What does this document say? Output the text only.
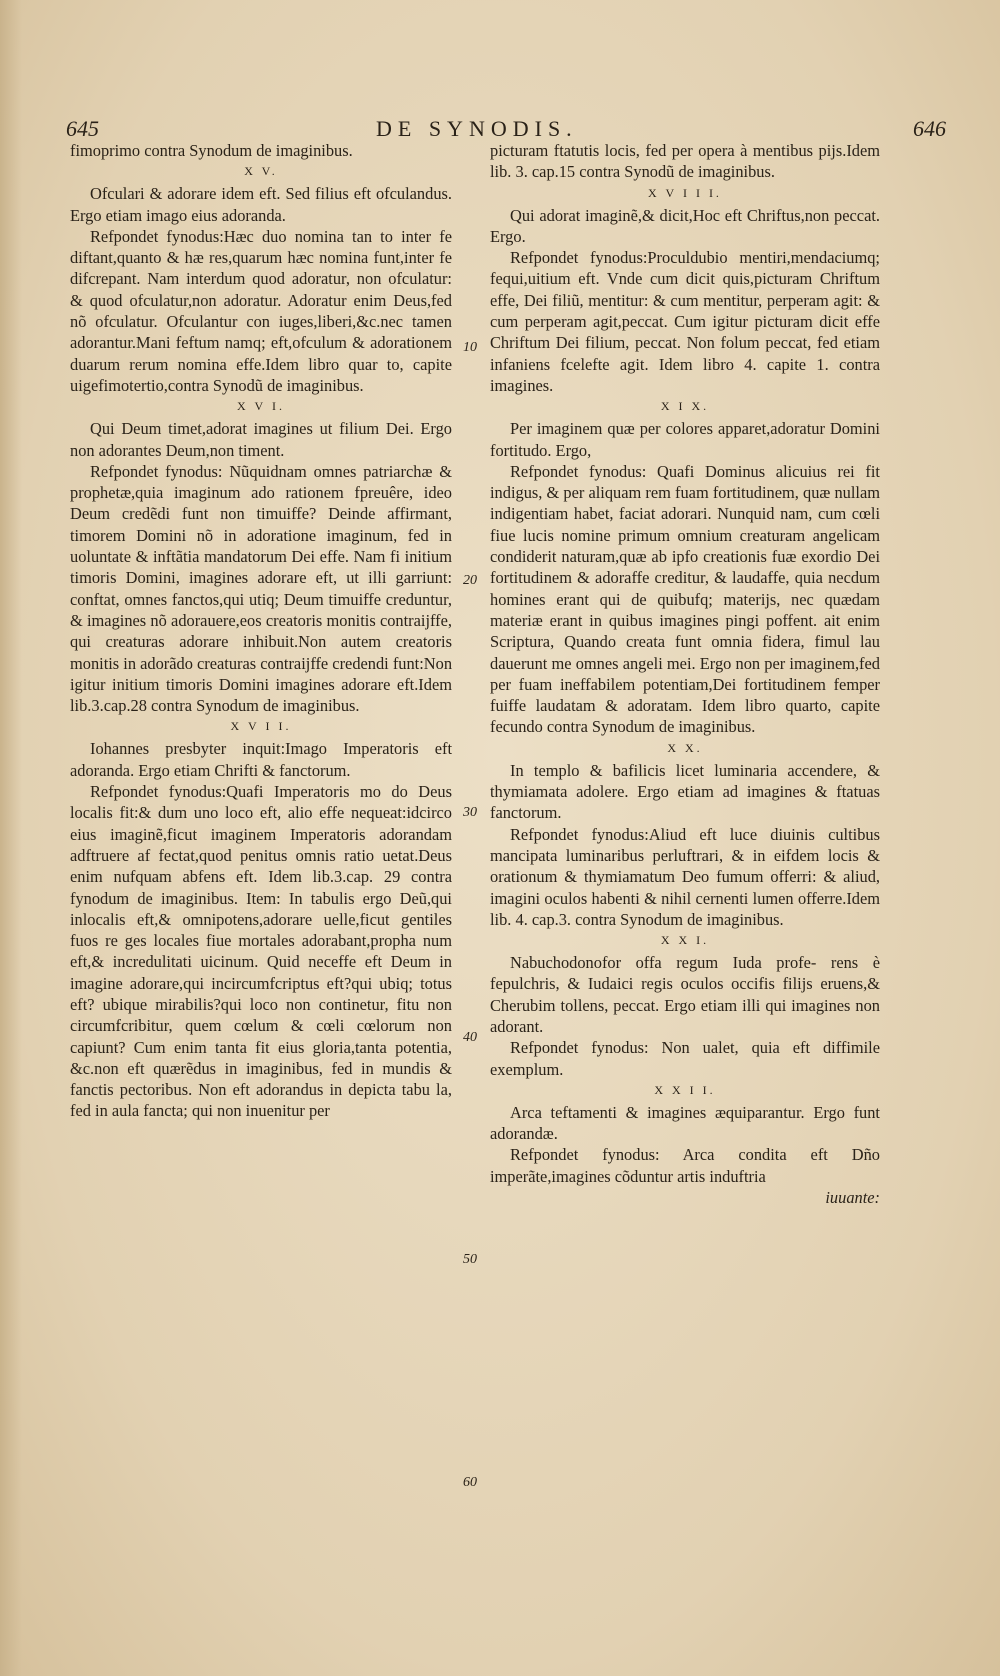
645	DE SYNODIS.	646

fimoprimo contra Synodum de imaginibus.

X V.

Ofculari & adorare idem eft. Sed filius eft ofculandus. Ergo etiam imago eius adoranda.

Refpondet fynodus:Hæc duo nomina tan to inter fe diftant,quanto & hæ res,quarum hæc nomina funt,inter fe difcrepant. Nam interdum quod adoratur, non ofculatur: & quod ofculatur,non adoratur. Adoratur enim Deus,fed nõ ofculatur. Ofculantur con iuges,liberi,&c.nec tamen adorantur.Mani feftum namq; eft,ofculum & adorationem duarum rerum nomina effe.Idem libro quar to, capite uigefimotertio,contra Synodũ de imaginibus.

X V I.

Qui Deum timet,adorat imagines ut filium Dei. Ergo non adorantes Deum,non timent.

Refpondet fynodus: Nũquidnam omnes patriarchæ & prophetæ,quia imaginum ado rationem fpreuêre, ideo Deum credẽdi funt non timuiffe? Deinde affirmant, timorem Domini nõ in adoratione imaginum, fed in uoluntate & inftãtia mandatorum Dei effe. Nam fi initium timoris Domini, imagines adorare eft, ut illi garriunt: conftat, omnes fanctos,qui utiq; Deum timuiffe creduntur, & imagines nõ adorauere,eos creatoris monitis contraijffe, qui creaturas adorare inhibuit.Non autem creatoris monitis in adorãdo creaturas contraijffe credendi funt:Non igitur initium timoris Domini imagines adorare eft.Idem lib.3.cap.28 contra Synodum de imaginibus.

X V I I.

Iohannes presbyter inquit:Imago Imperatoris eft adoranda. Ergo etiam Chrifti & fanctorum.

Refpondet fynodus:Quafi Imperatoris mo do Deus localis fit:& dum uno loco eft, alio effe nequeat:idcirco eius imaginẽ,ficut imaginem Imperatoris adorandam adftruere af fectat,quod penitus omnis ratio uetat.Deus enim nufquam abfens eft. Idem lib.3.cap. 29 contra fynodum de imaginibus. Item: In tabulis ergo Deũ,qui inlocalis eft,& omnipotens,adorare uelle,ficut gentiles fuos re ges locales fiue mortales adorabant,propha num eft,& incredulitati uicinum. Quid neceffe eft Deum in imagine adorare,qui incircumfcriptus eft?qui ubiq; totus eft? ubique mirabilis?qui loco non continetur, fitu non circumfcribitur, quem cœlum & cœli cœlorum non capiunt? Cum enim tanta fit eius gloria,tanta potentia, &c.non eft quærẽdus in imaginibus, fed in mundis & fanctis pectoribus. Non eft adorandus in depicta tabu la, fed in aula fancta; qui non inuenitur per

10
20
30
40
50
60

picturam ftatutis locis, fed per opera à mentibus pijs.Idem lib. 3. cap.15 contra Synodũ de imaginibus.

X V I I I.

Qui adorat imaginẽ,& dicit,Hoc eft Chriftus,non peccat. Ergo.

Refpondet fynodus:Proculdubio mentiri,mendaciumq; fequi,uitium eft. Vnde cum dicit quis,picturam Chriftum effe, Dei filiũ, mentitur: & cum mentitur, perperam agit: & cum perperam agit,peccat. Cum igitur picturam dicit effe Chriftum Dei filium, peccat. Non folum peccat, fed etiam infaniens fcelefte agit. Idem libro 4. capite 1. contra imagines.

X I X.

Per imaginem quæ per colores apparet,adoratur Domini fortitudo. Ergo,

Refpondet fynodus: Quafi Dominus alicuius rei fit indigus, & per aliquam rem fuam fortitudinem, quæ nullam indigentiam habet, faciat adorari. Nunquid nam, cum cœli fiue lucis nomine primum omnium creaturam angelicam condiderit naturam,quæ ab ipfo creationis fuæ exordio Dei fortitudinem & adoraffe creditur, & laudaffe, quia necdum homines erant qui de quibufq; materijs, nec quædam materiæ erant in quibus imagines pingi poffent. ait enim Scriptura, Quando creata funt omnia fidera, fimul lau dauerunt me omnes angeli mei. Ergo non per imaginem,fed per fuam ineffabilem potentiam,Dei fortitudinem femper fuiffe laudatam & adoratam. Idem libro quarto, capite fecundo contra Synodum de imaginibus.

X X.

In templo & bafilicis licet luminaria accendere, & thymiamata adolere. Ergo etiam ad imagines & ftatuas fanctorum.

Refpondet fynodus:Aliud eft luce diuinis cultibus mancipata luminaribus perluftrari, & in eifdem locis & orationum & thymiamatum Deo fumum offerri: & aliud, imagini oculos habenti & nihil cernenti lumen offerre.Idem lib. 4. cap.3. contra Synodum de imaginibus.

X X I.

Nabuchodonofor offa regum Iuda profe- rens è fepulchris, & Iudaici regis oculos occifis filijs eruens,& Cherubim tollens, peccat. Ergo etiam illi qui imagines non adorant.

Refpondet fynodus: Non ualet, quia eft diffimile exemplum.

X X I I.

Arca teftamenti & imagines æquiparantur. Ergo funt adorandæ.

Refpondet fynodus: Arca condita eft Dño imperãte,imagines cõduntur artis induftria

iuuante:
